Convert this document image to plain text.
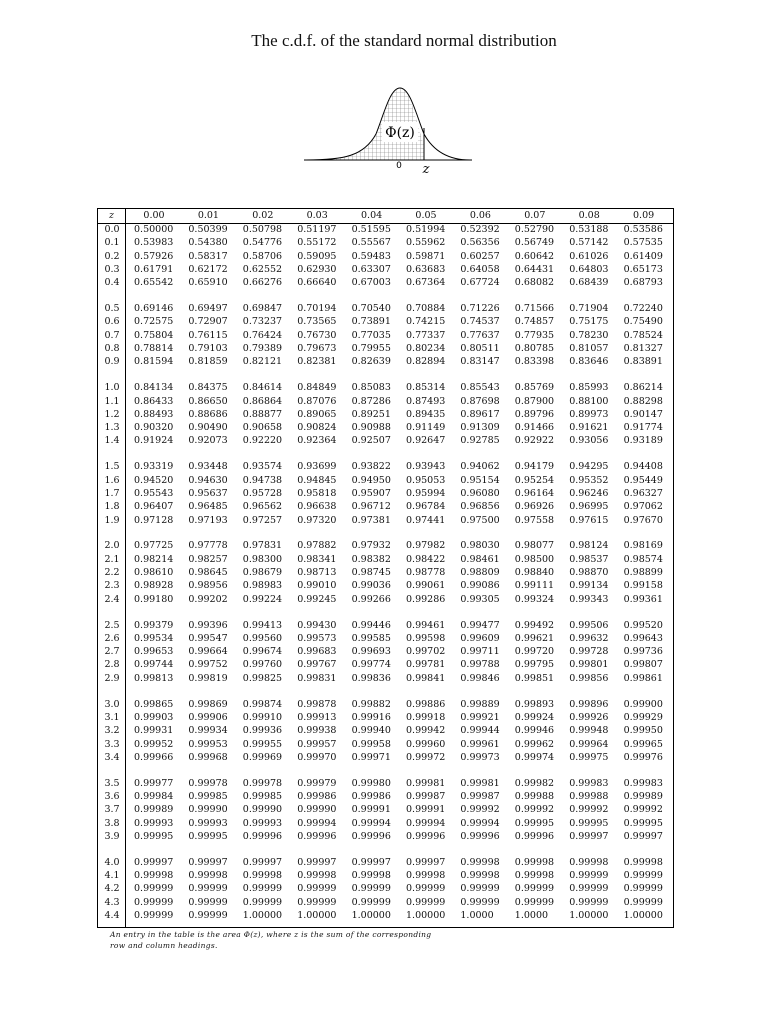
The c.d.f. of the standard normal distribution
Φ(z)
0 z
z	0.00	0.01	0.02	0.03	0.04	0.05	0.06	0.07	0.08	0.09
0.0	0.50000 0.50399 0.50798 0.51197 0.51595 0.51994 0.52392 0.52790 0.53188 0.53586
0.1	0.53983 0.54380 0.54776 0.55172 0.55567 0.55962 0.56356 0.56749 0.57142 0.57535
0.2	0.57926 0.58317 0.58706 0.59095 0.59483 0.59871 0.60257 0.60642 0.61026 0.61409
0.3	0.61791 0.62172 0.62552 0.62930 0.63307 0.63683 0.64058 0.64431 0.64803 0.65173
0.4	0.65542 0.65910 0.66276 0.66640 0.67003 0.67364 0.67724 0.68082 0.68439 0.68793
0.5	0.69146 0.69497 0.69847 0.70194 0.70540 0.70884 0.71226 0.71566 0.71904 0.72240
0.6	0.72575 0.72907 0.73237 0.73565 0.73891 0.74215 0.74537 0.74857 0.75175 0.75490
0.7	0.75804 0.76115 0.76424 0.76730 0.77035 0.77337 0.77637 0.77935 0.78230 0.78524
0.8	0.78814 0.79103 0.79389 0.79673 0.79955 0.80234 0.80511 0.80785 0.81057 0.81327
0.9	0.81594 0.81859 0.82121 0.82381 0.82639 0.82894 0.83147 0.83398 0.83646 0.83891
1.0	0.84134 0.84375 0.84614 0.84849 0.85083 0.85314 0.85543 0.85769 0.85993 0.86214
1.1	0.86433 0.86650 0.86864 0.87076 0.87286 0.87493 0.87698 0.87900 0.88100 0.88298
1.2	0.88493 0.88686 0.88877 0.89065 0.89251 0.89435 0.89617 0.89796 0.89973 0.90147
1.3	0.90320 0.90490 0.90658 0.90824 0.90988 0.91149 0.91309 0.91466 0.91621 0.91774
1.4	0.91924 0.92073 0.92220 0.92364 0.92507 0.92647 0.92785 0.92922 0.93056 0.93189
1.5	0.93319 0.93448 0.93574 0.93699 0.93822 0.93943 0.94062 0.94179 0.94295 0.94408
1.6	0.94520 0.94630 0.94738 0.94845 0.94950 0.95053 0.95154 0.95254 0.95352 0.95449
1.7	0.95543 0.95637 0.95728 0.95818 0.95907 0.95994 0.96080 0.96164 0.96246 0.96327
1.8	0.96407 0.96485 0.96562 0.96638 0.96712 0.96784 0.96856 0.96926 0.96995 0.97062
1.9	0.97128 0.97193 0.97257 0.97320 0.97381 0.97441 0.97500 0.97558 0.97615 0.97670
2.0	0.97725 0.97778 0.97831 0.97882 0.97932 0.97982 0.98030 0.98077 0.98124 0.98169
2.1	0.98214 0.98257 0.98300 0.98341 0.98382 0.98422 0.98461 0.98500 0.98537 0.98574
2.2	0.98610 0.98645 0.98679 0.98713 0.98745 0.98778 0.98809 0.98840 0.98870 0.98899
2.3	0.98928 0.98956 0.98983 0.99010 0.99036 0.99061 0.99086 0.99111 0.99134 0.99158
2.4	0.99180 0.99202 0.99224 0.99245 0.99266 0.99286 0.99305 0.99324 0.99343 0.99361
2.5	0.99379 0.99396 0.99413 0.99430 0.99446 0.99461 0.99477 0.99492 0.99506 0.99520
2.6	0.99534 0.99547 0.99560 0.99573 0.99585 0.99598 0.99609 0.99621 0.99632 0.99643
2.7	0.99653 0.99664 0.99674 0.99683 0.99693 0.99702 0.99711 0.99720 0.99728 0.99736
2.8	0.99744 0.99752 0.99760 0.99767 0.99774 0.99781 0.99788 0.99795 0.99801 0.99807
2.9	0.99813 0.99819 0.99825 0.99831 0.99836 0.99841 0.99846 0.99851 0.99856 0.99861
3.0	0.99865 0.99869 0.99874 0.99878 0.99882 0.99886 0.99889 0.99893 0.99896 0.99900
3.1	0.99903 0.99906 0.99910 0.99913 0.99916 0.99918 0.99921 0.99924 0.99926 0.99929
3.2	0.99931 0.99934 0.99936 0.99938 0.99940 0.99942 0.99944 0.99946 0.99948 0.99950
3.3	0.99952 0.99953 0.99955 0.99957 0.99958 0.99960 0.99961 0.99962 0.99964 0.99965
3.4	0.99966 0.99968 0.99969 0.99970 0.99971 0.99972 0.99973 0.99974 0.99975 0.99976
3.5	0.99977 0.99978 0.99978 0.99979 0.99980 0.99981 0.99981 0.99982 0.99983 0.99983
3.6	0.99984 0.99985 0.99985 0.99986 0.99986 0.99987 0.99987 0.99988 0.99988 0.99989
3.7	0.99989 0.99990 0.99990 0.99990 0.99991 0.99991 0.99992 0.99992 0.99992 0.99992
3.8	0.99993 0.99993 0.99993 0.99994 0.99994 0.99994 0.99994 0.99995 0.99995 0.99995
3.9	0.99995 0.99995 0.99996 0.99996 0.99996 0.99996 0.99996 0.99996 0.99997 0.99997
4.0	0.99997 0.99997 0.99997 0.99997 0.99997 0.99997 0.99998 0.99998 0.99998 0.99998
4.1	0.99998 0.99998 0.99998 0.99998 0.99998 0.99998 0.99998 0.99998 0.99999 0.99999
4.2	0.99999 0.99999 0.99999 0.99999 0.99999 0.99999 0.99999 0.99999 0.99999 0.99999
4.3	0.99999 0.99999 0.99999 0.99999 0.99999 0.99999 0.99999 0.99999 0.99999 0.99999
4.4	0.99999 0.99999 1.00000 1.00000 1.00000 1.00000 1.0000 1.0000 1.00000 1.00000
An entry in the table is the area Φ(z), where z is the sum of the corresponding
row and column headings.
